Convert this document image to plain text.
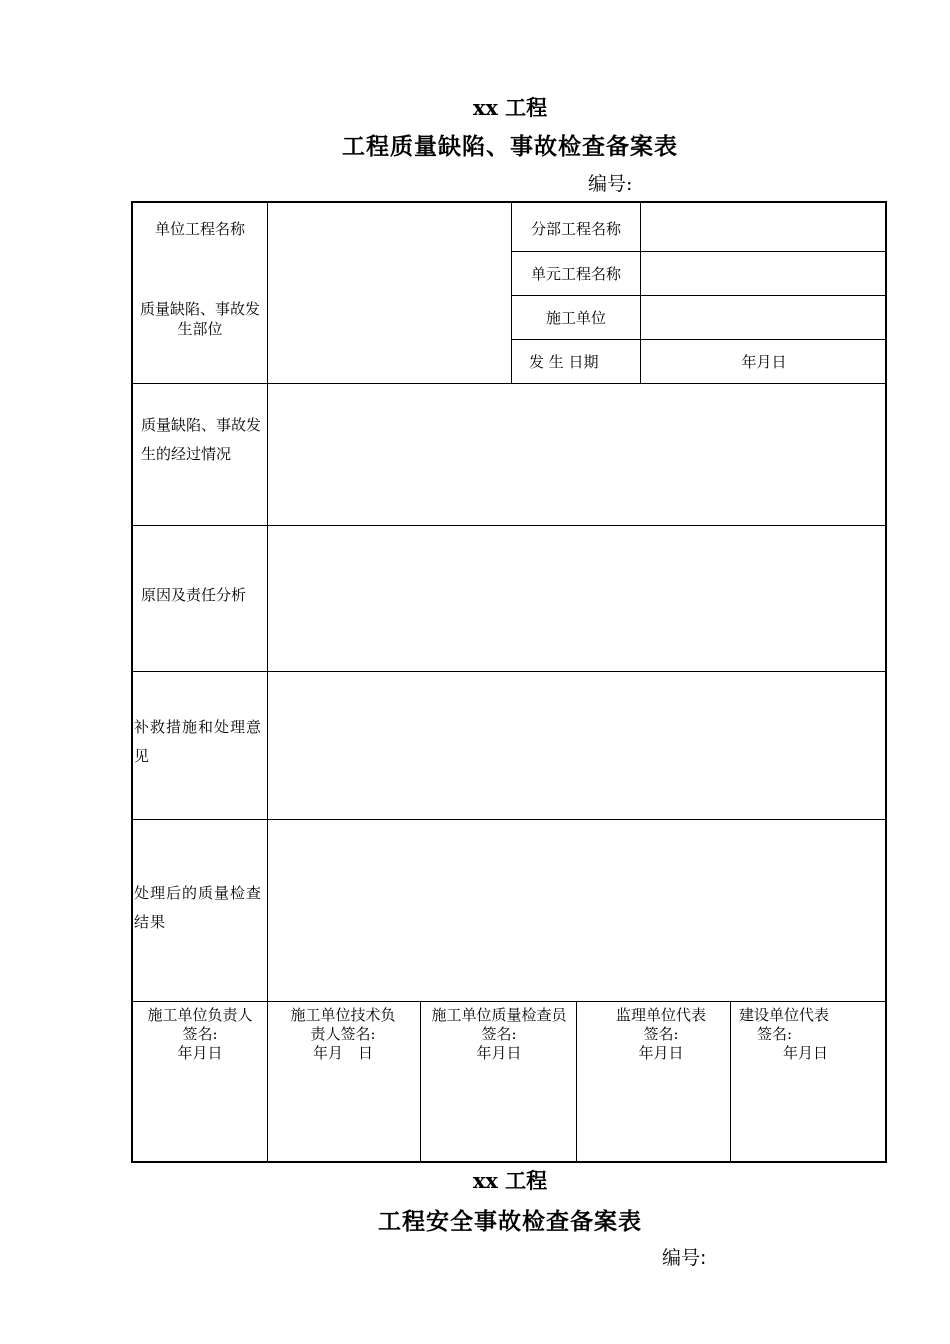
xx 工程
工程质量缺陷、事故检查备案表
编号:
单位工程名称	分部工程名称
单元工程名称
施工单位
发 生 日期	年月日
质量缺陷、事故发生部位
质量缺陷、事故发生的经过情况
原因及责任分析
补救措施和处理意见
处理后的质量检查结果
施工单位负责人
签名:
年月日
施工单位技术负责人签名:
年月　日
施工单位质量检查员签名:
年月日
监理单位代表
签名:
年月日
建设单位代表
签名:
年月日
xx 工程
工程安全事故检查备案表
编号:
